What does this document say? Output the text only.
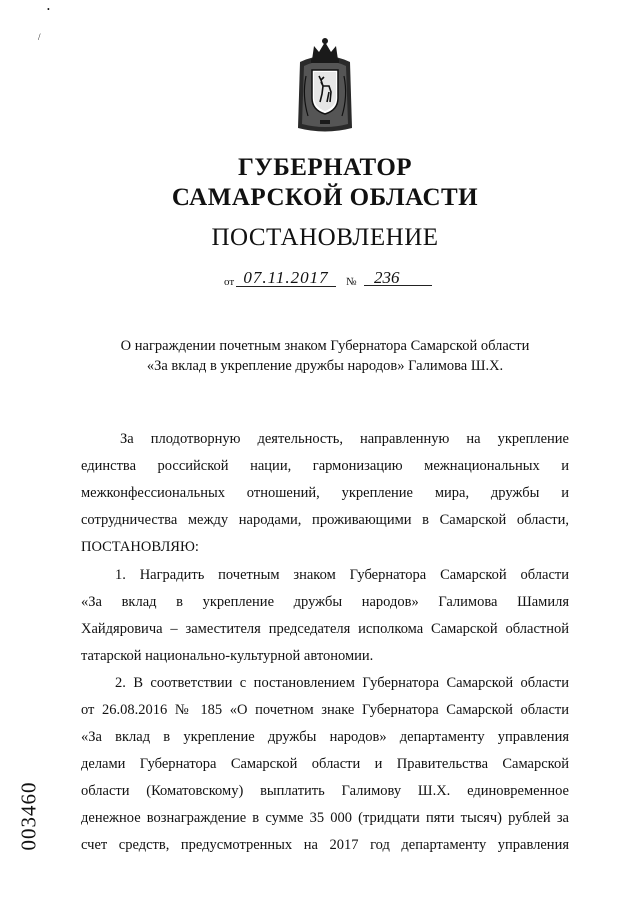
•
/
ГУБЕРНАТОР
САМАРСКОЙ ОБЛАСТИ
ПОСТАНОВЛЕНИЕ
от 07.11.2017	№	236
О награждении почетным знаком Губернатора Самарской области
«За вклад в укрепление дружбы народов» Галимова Ш.Х.
За плодотворную деятельность, направленную на укрепление
единства российской нации, гармонизацию межнациональных и
межконфессиональных отношений, укрепление мира, дружбы и
сотрудничества между народами, проживающими в Самарской области,
ПОСТАНОВЛЯЮ:
1. Наградить почетным знаком Губернатора Самарской области
«За вклад в укрепление дружбы народов» Галимова Шамиля
Хайдяровича – заместителя председателя исполкома Самарской областной
татарской национально-культурной автономии.
2. В соответствии с постановлением Губернатора Самарской области
от 26.08.2016 № 185 «О почетном знаке Губернатора Самарской области
«За вклад в укрепление дружбы народов» департаменту управления
делами Губернатора Самарской области и Правительства Самарской
области (Коматовскому) выплатить Галимову Ш.Х. единовременное
денежное вознаграждение в сумме 35 000 (тридцати пяти тысяч) рублей за
счет средств, предусмотренных на 2017 год департаменту управления
003460
